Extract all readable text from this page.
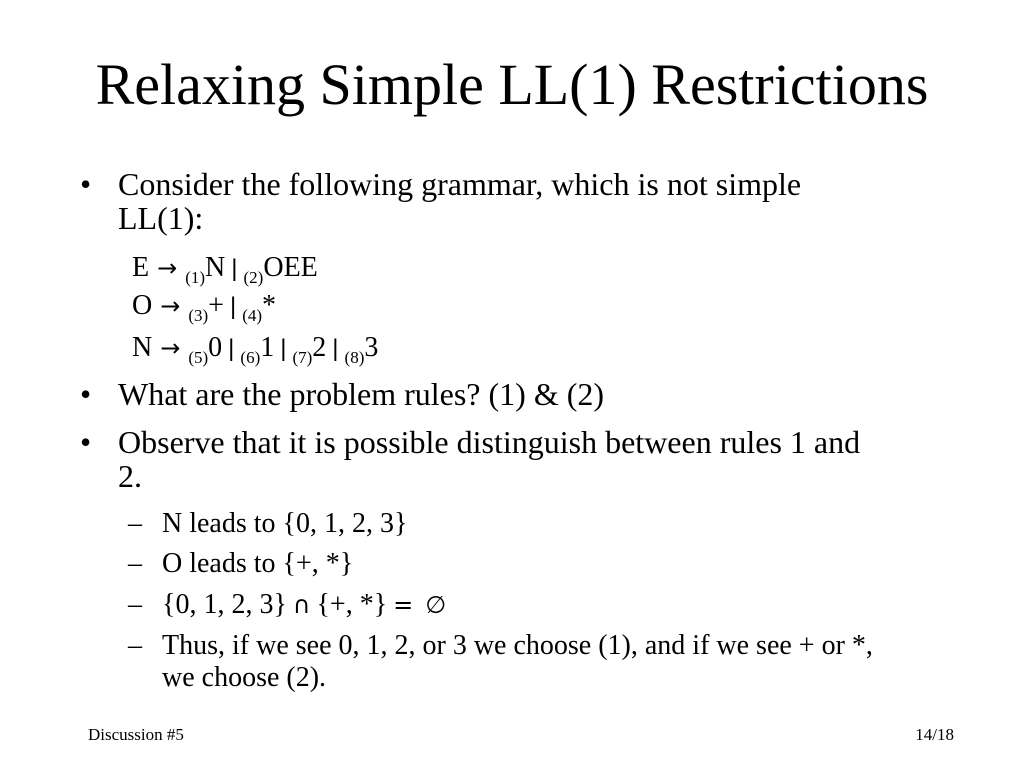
Relaxing Simple LL(1) Restrictions
• Consider the following grammar, which is not simple LL(1):
E → $_{(1)}$N | $_{(2)}$OEE
O → $_{(3)}$+ | $_{(4)}$*
N → $_{(5)}$0 | $_{(6)}$1 | $_{(7)}$2 | $_{(8)}$3
• What are the problem rules? (1) & (2)
• Observe that it is possible distinguish between rules 1 and 2.
– N leads to {0, 1, 2, 3}
– O leads to {+, *}
– {0, 1, 2, 3} ∩ {+, *} = ∅
– Thus, if we see 0, 1, 2, or 3 we choose (1), and if we see + or *, we choose (2).
Discussion #5	14/18
